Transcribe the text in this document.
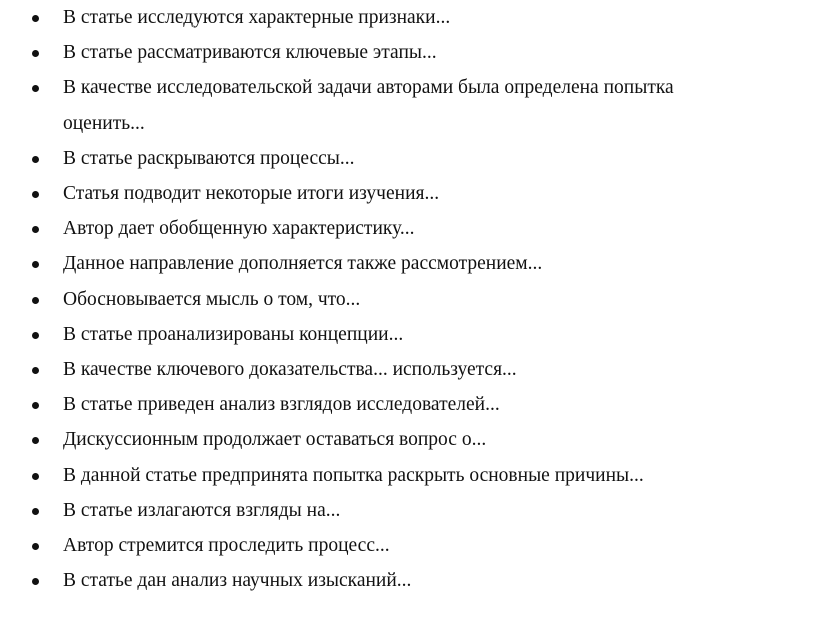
В статье исследуются характерные признаки...
В статье рассматриваются ключевые этапы...
В качестве исследовательской задачи авторами была определена попытка оценить...
В статье раскрываются процессы...
Статья подводит некоторые итоги изучения...
Автор дает обобщенную характеристику...
Данное направление дополняется также рассмотрением...
Обосновывается мысль о том, что...
В статье проанализированы концепции...
В качестве ключевого доказательства... используется...
В статье приведен анализ взглядов исследователей...
Дискуссионным продолжает оставаться вопрос о...
В данной статье предпринята попытка раскрыть основные причины...
В статье излагаются взгляды на...
Автор стремится проследить процесс...
В статье дан анализ научных изысканий...
